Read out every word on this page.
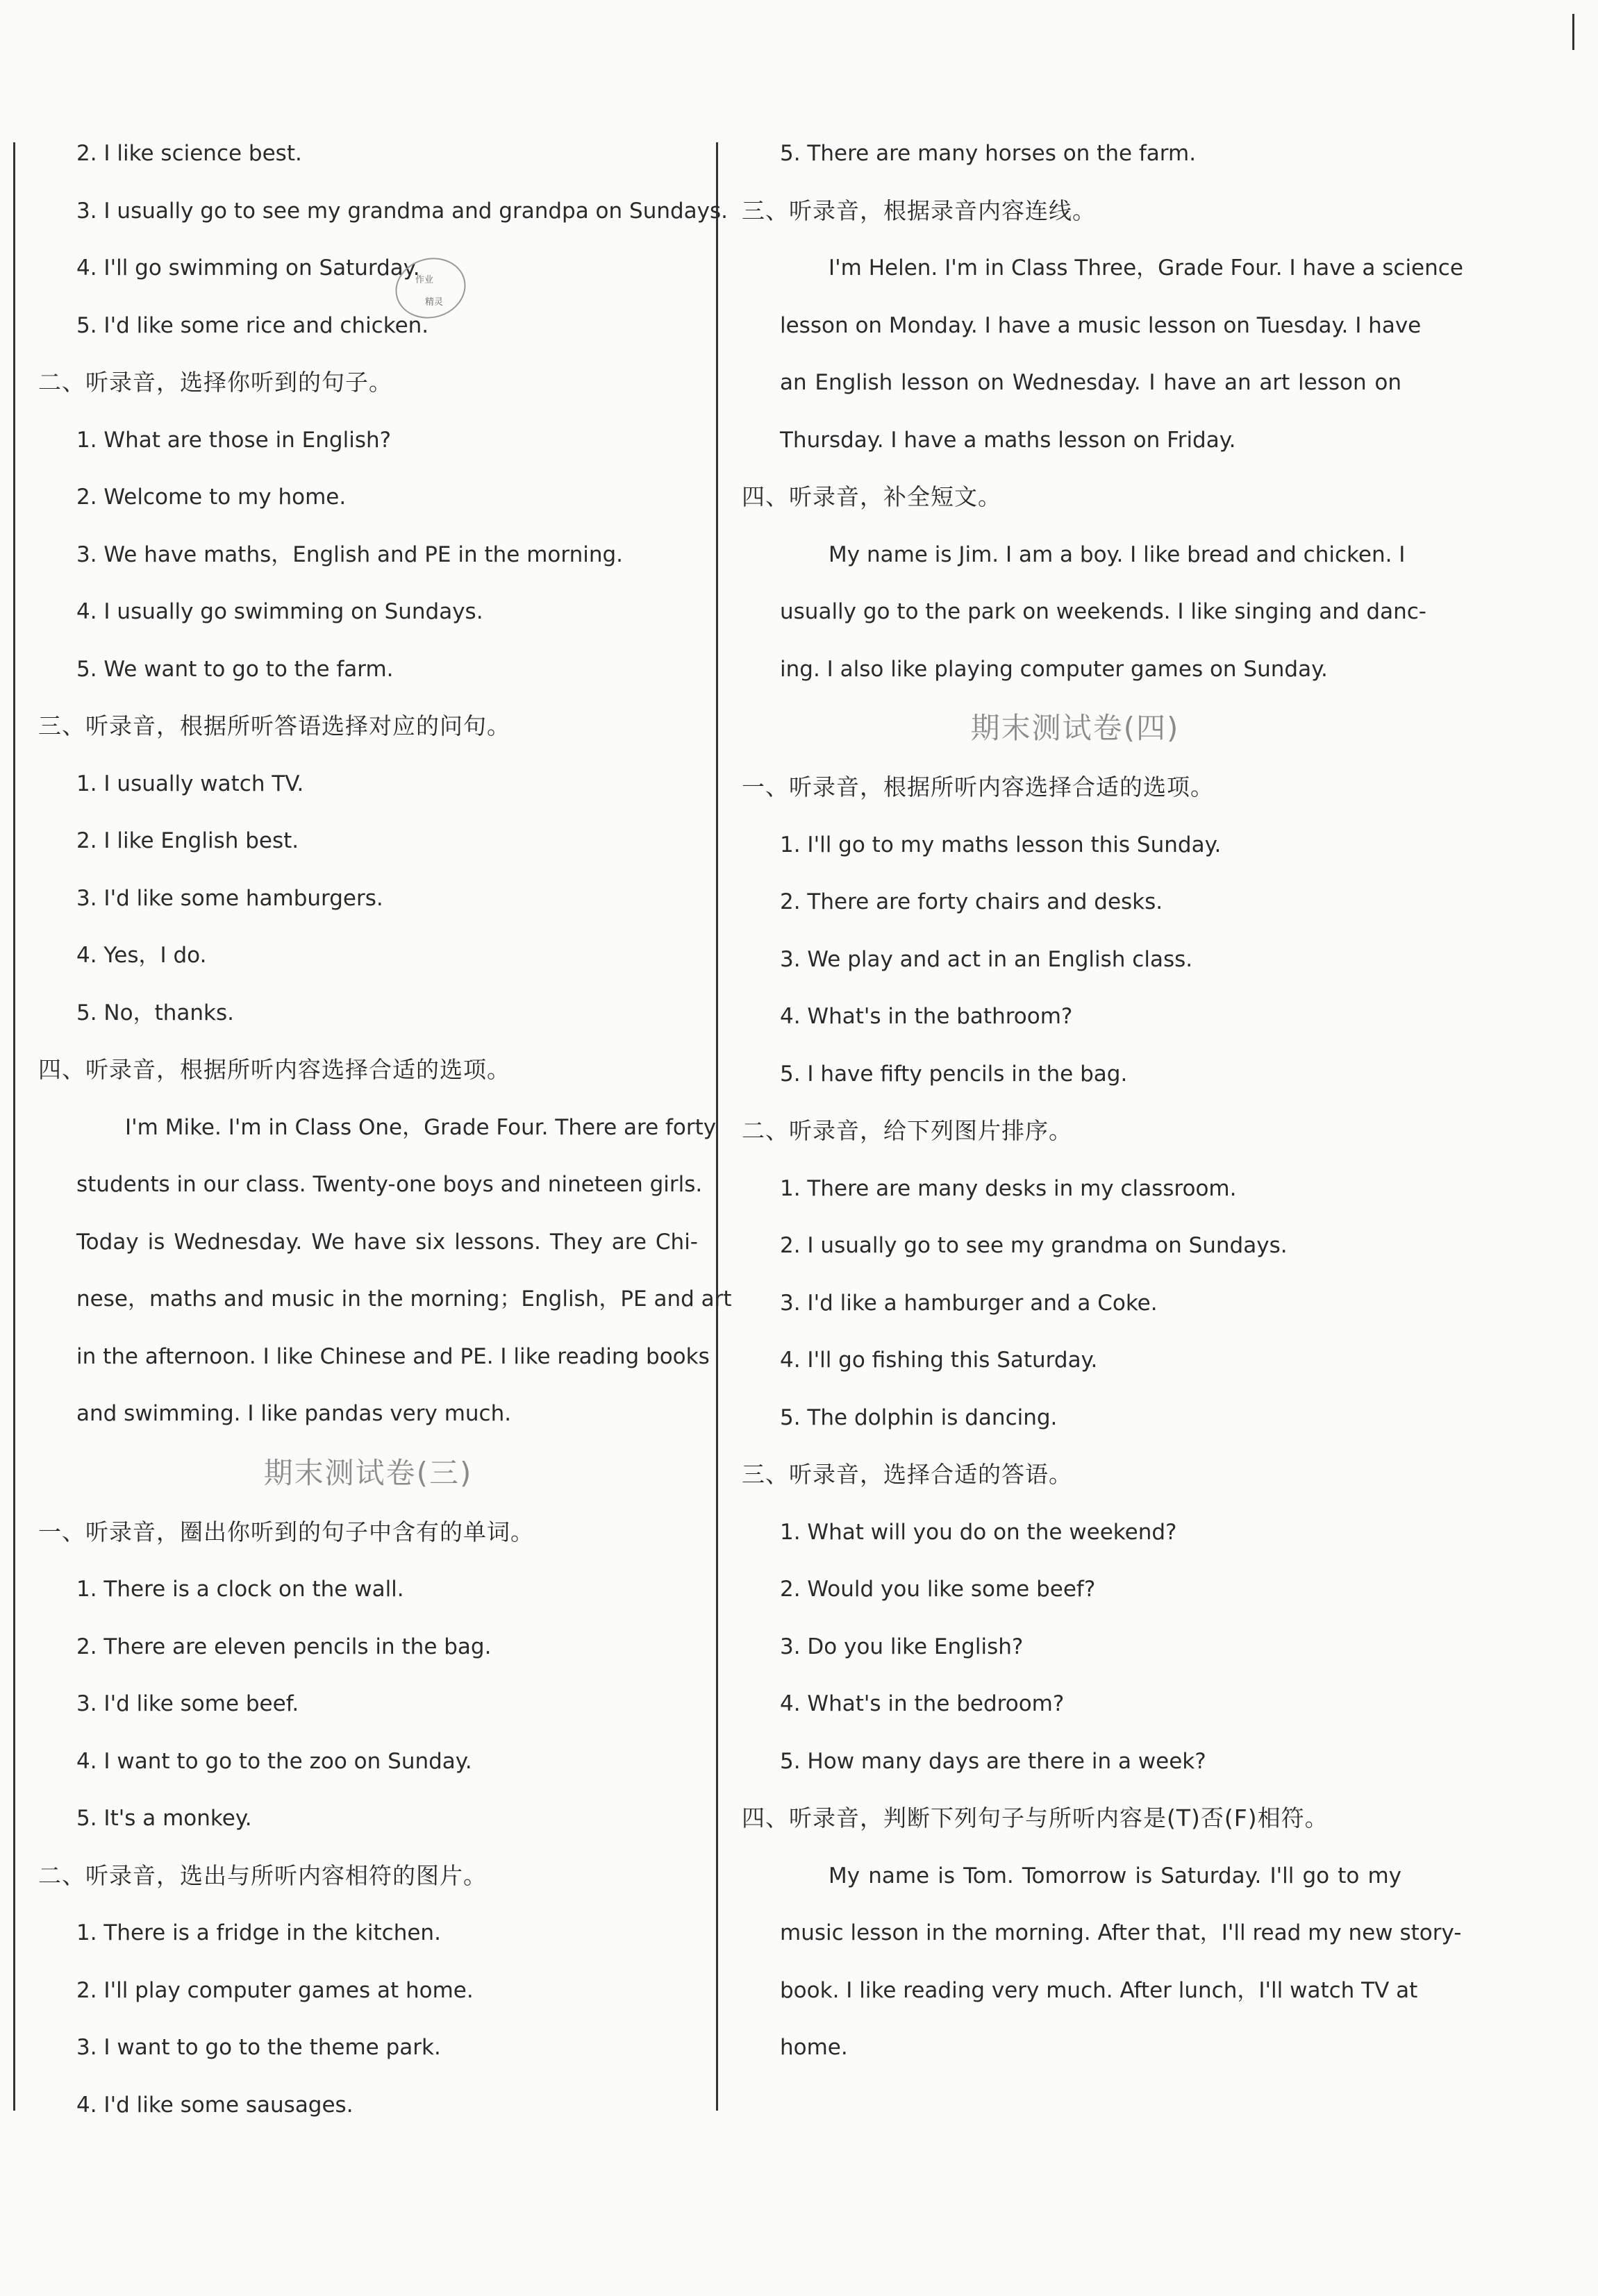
2. I like science best.
3. I usually go to see my grandma and grandpa on Sundays.
4. I'll go swimming on Saturday.
5. I'd like some rice and chicken.
二、听录音，选择你听到的句子。
1. What are those in English?
2. Welcome to my home.
3. We have maths，English and PE in the morning.
4. I usually go swimming on Sundays.
5. We want to go to the farm.
三、听录音，根据所听答语选择对应的问句。
1. I usually watch TV.
2. I like English best.
3. I'd like some hamburgers.
4. Yes，I do.
5. No，thanks.
四、听录音，根据所听内容选择合适的选项。
I'm Mike. I'm in Class One，Grade Four. There are forty
students in our class. Twenty-one boys and nineteen girls.
Today is Wednesday. We have six lessons. They are Chi-
nese，maths and music in the morning；English，PE and art
in the afternoon. I like Chinese and PE. I like reading books
and swimming. I like pandas very much.
期末测试卷(三)
一、听录音，圈出你听到的句子中含有的单词。
1. There is a clock on the wall.
2. There are eleven pencils in the bag.
3. I'd like some beef.
4. I want to go to the zoo on Sunday.
5. It's a monkey.
二、听录音，选出与所听内容相符的图片。
1. There is a fridge in the kitchen.
2. I'll play computer games at home.
3. I want to go to the theme park.
4. I'd like some sausages.
5. There are many horses on the farm.
三、听录音，根据录音内容连线。
I'm Helen. I'm in Class Three，Grade Four. I have a science
lesson on Monday. I have a music lesson on Tuesday. I have
an English lesson on Wednesday. I have an art lesson on
Thursday. I have a maths lesson on Friday.
四、听录音，补全短文。
My name is Jim. I am a boy. I like bread and chicken. I
usually go to the park on weekends. I like singing and danc-
ing. I also like playing computer games on Sunday.
期末测试卷(四)
一、听录音，根据所听内容选择合适的选项。
1. I'll go to my maths lesson this Sunday.
2. There are forty chairs and desks.
3. We play and act in an English class.
4. What's in the bathroom?
5. I have fifty pencils in the bag.
二、听录音，给下列图片排序。
1. There are many desks in my classroom.
2. I usually go to see my grandma on Sundays.
3. I'd like a hamburger and a Coke.
4. I'll go fishing this Saturday.
5. The dolphin is dancing.
三、听录音，选择合适的答语。
1. What will you do on the weekend?
2. Would you like some beef?
3. Do you like English?
4. What's in the bedroom?
5. How many days are there in a week?
四、听录音，判断下列句子与所听内容是(T)否(F)相符。
My name is Tom. Tomorrow is Saturday. I'll go to my
music lesson in the morning. After that，I'll read my new story-
book. I like reading very much. After lunch，I'll watch TV at
home.
作业
精灵
